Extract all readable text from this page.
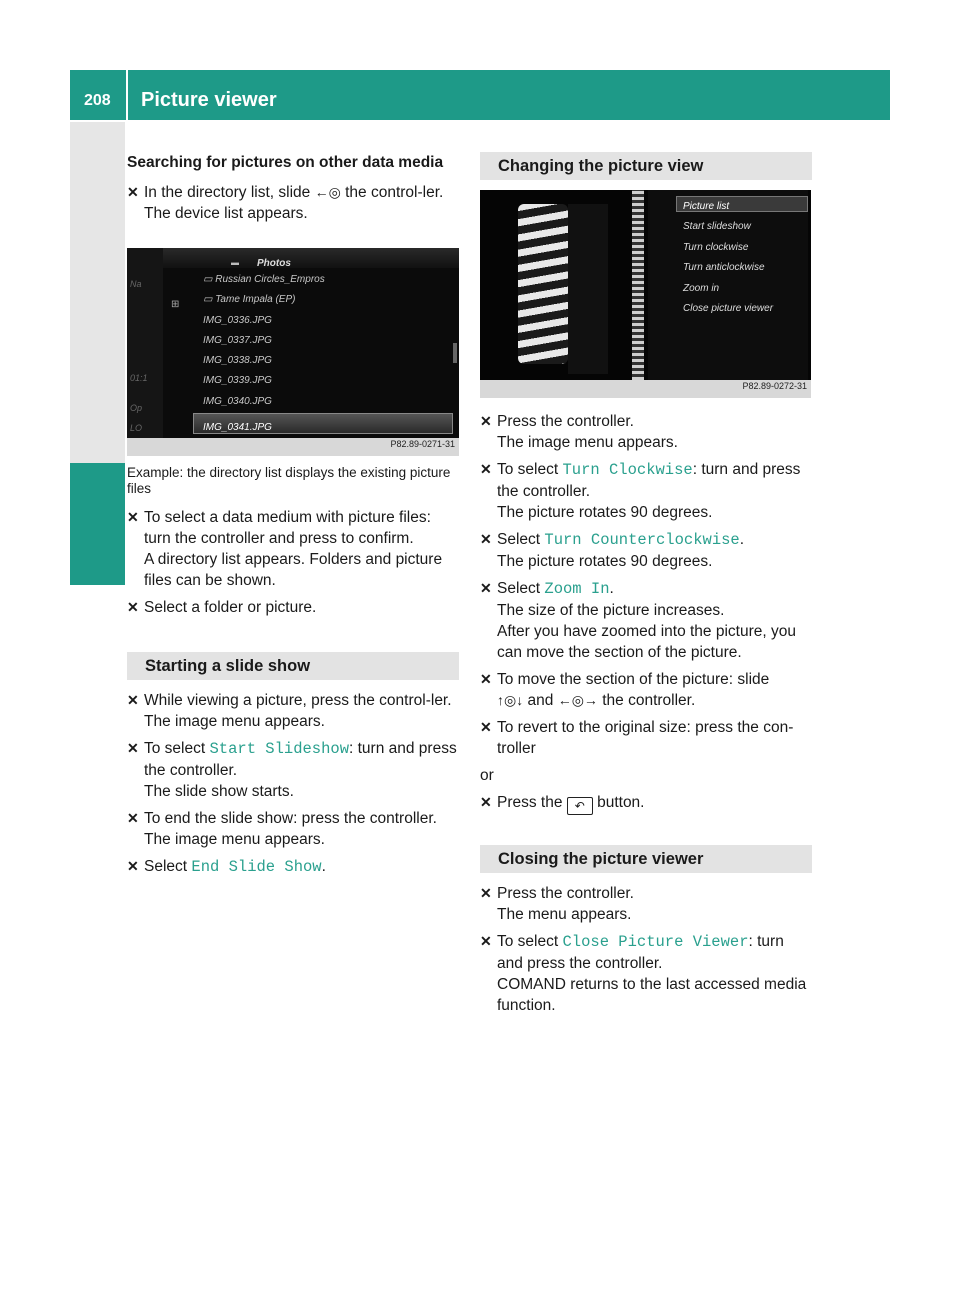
208 Picture viewer
Searching for pictures on other data media
✕ In the directory list, slide ←◎ the control-ler.
The device list appears.
Na
01:1
Op
LO
▬ Photos
⊞
▭ Russian Circles_Empros
▭ Tame Impala (EP)
IMG_0336.JPG
IMG_0337.JPG
IMG_0338.JPG
IMG_0339.JPG
IMG_0340.JPG
IMG_0341.JPG
P82.89-0271-31
Example: the directory list displays the existing picture files
✕ To select a data medium with picture files: turn the controller and press to confirm.
A directory list appears. Folders and picture files can be shown.
✕ Select a folder or picture.
Starting a slide show
✕ While viewing a picture, press the control-ler.
The image menu appears.
✕ To select Start Slideshow: turn and press the controller.
The slide show starts.
✕ To end the slide show: press the controller.
The image menu appears.
✕ Select End Slide Show.
Changing the picture view
Picture list
Start slideshow
Turn clockwise
Turn anticlockwise
Zoom in
Close picture viewer
P82.89-0272-31
✕ Press the controller.
The image menu appears.
✕ To select Turn Clockwise: turn and press the controller.
The picture rotates 90 degrees.
✕ Select Turn Counterclockwise.
The picture rotates 90 degrees.
✕ Select Zoom In.
The size of the picture increases.
After you have zoomed into the picture, you can move the section of the picture.
✕ To move the section of the picture: slide
↑◎↓ and ←◎→ the controller.
✕ To revert to the original size: press the con-troller
or
✕ Press the ↶ button.
Closing the picture viewer
✕ Press the controller.
The menu appears.
✕ To select Close Picture Viewer: turn and press the controller.
COMAND returns to the last accessed media function.
